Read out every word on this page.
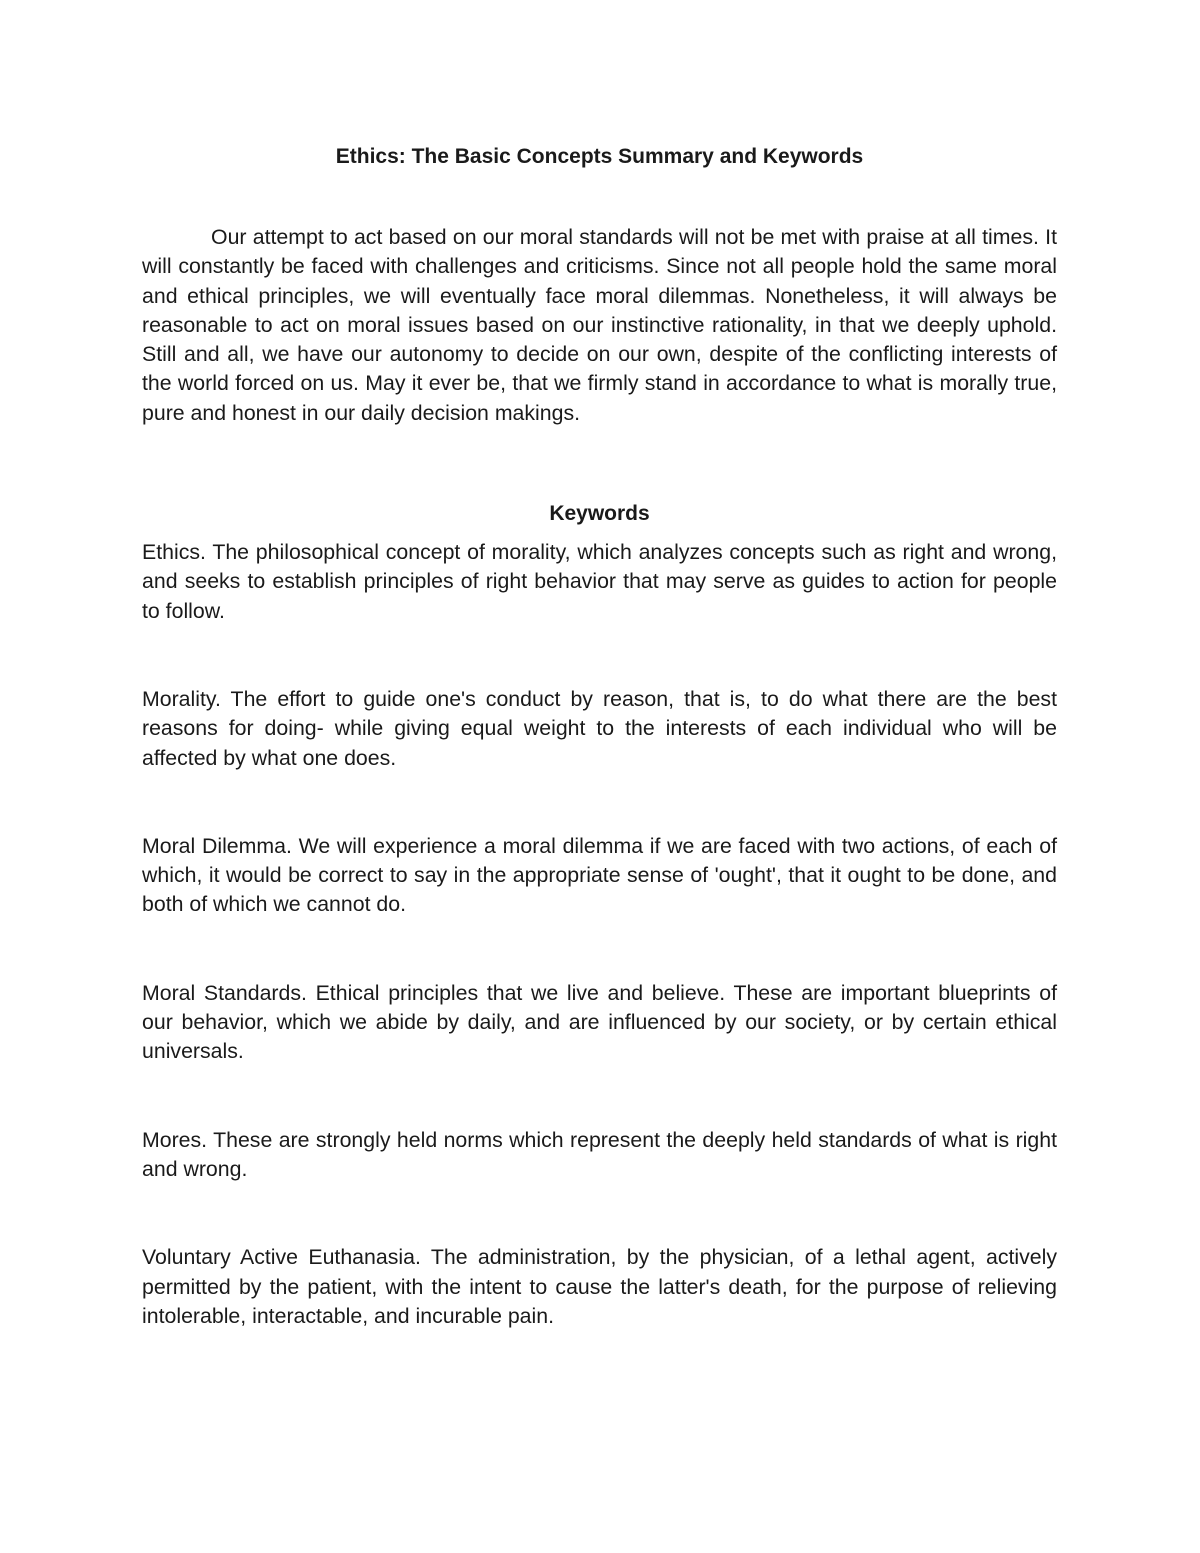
Ethics: The Basic Concepts Summary and Keywords

Our attempt to act based on our moral standards will not be met with praise at all times. It will constantly be faced with challenges and criticisms. Since not all people hold the same moral and ethical principles, we will eventually face moral dilemmas. Nonetheless, it will always be reasonable to act on moral issues based on our instinctive rationality, in that we deeply uphold. Still and all, we have our autonomy to decide on our own, despite of the conflicting interests of the world forced on us. May it ever be, that we firmly stand in accordance to what is morally true, pure and honest in our daily decision makings.

Keywords

Ethics. The philosophical concept of morality, which analyzes concepts such as right and wrong, and seeks to establish principles of right behavior that may serve as guides to action for people to follow.

Morality. The effort to guide one's conduct by reason, that is, to do what there are the best reasons for doing- while giving equal weight to the interests of each individual who will be affected by what one does.

Moral Dilemma. We will experience a moral dilemma if we are faced with two actions, of each of which, it would be correct to say in the appropriate sense of 'ought', that it ought to be done, and both of which we cannot do.

Moral Standards. Ethical principles that we live and believe. These are important blueprints of our behavior, which we abide by daily, and are influenced by our society, or by certain ethical universals.

Mores. These are strongly held norms which represent the deeply held standards of what is right and wrong.

Voluntary Active Euthanasia. The administration, by the physician, of a lethal agent, actively permitted by the patient, with the intent to cause the latter's death, for the purpose of relieving intolerable, interactable, and incurable pain.
